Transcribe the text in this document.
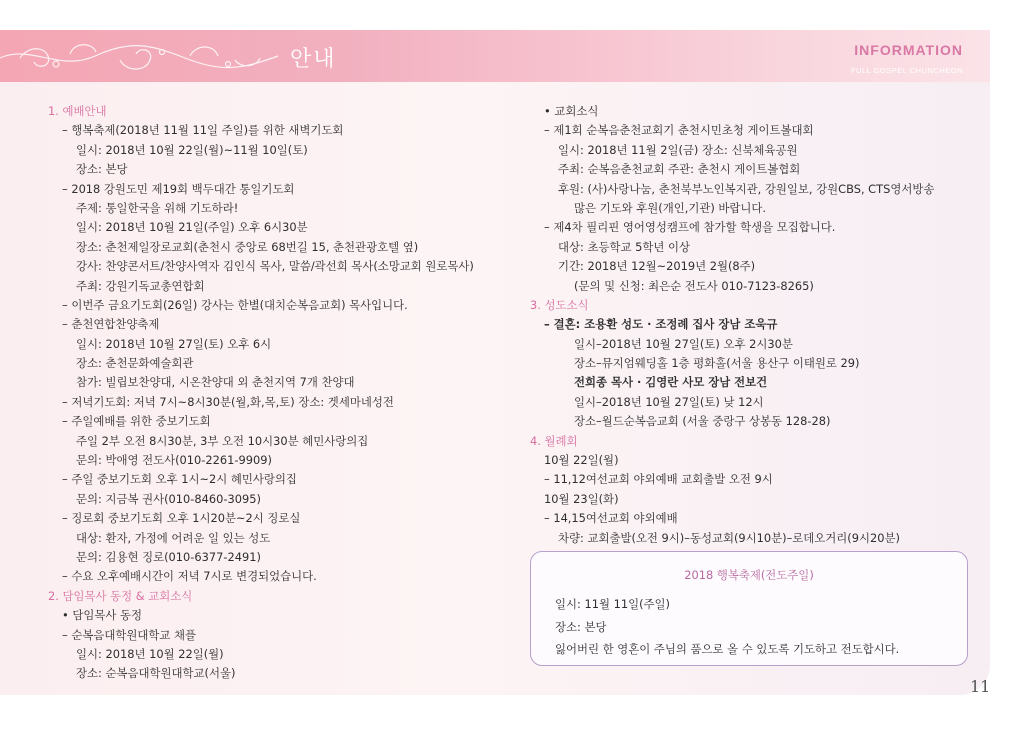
안내	INFORMATION
FULL GOSPEL CHUNCHEON
1. 예배안내
– 행복축제(2018년 11월 11일 주일)를 위한 새벽기도회
일시: 2018년 10월 22일(월)~11월 10일(토)
장소: 본당
– 2018 강원도민 제19회 백두대간 통일기도회
주제: 통일한국을 위해 기도하라!
일시: 2018년 10월 21일(주일) 오후 6시30분
장소: 춘천제일장로교회(춘천시 중앙로 68번길 15, 춘천관광호텔 옆)
강사: 찬양콘서트/찬양사역자 김인식 목사, 말씀/곽선희 목사(소망교회 원로목사)
주최: 강원기독교총연합회
– 이번주 금요기도회(26일) 강사는 한별(대치순복음교회) 목사입니다.
– 춘천연합찬양축제
일시: 2018년 10월 27일(토) 오후 6시
장소: 춘천문화예술회관
참가: 빌립보찬양대, 시온찬양대 외 춘천지역 7개 찬양대
– 저녁기도회: 저녁 7시~8시30분(월,화,목,토) 장소: 겟세마네성전
– 주일예배를 위한 중보기도회
주일 2부 오전 8시30분, 3부 오전 10시30분 혜민사랑의집
문의: 박애영 전도사(010-2261-9909)
– 주일 중보기도회 오후 1시~2시 혜민사랑의집
문의: 지금복 권사(010-8460-3095)
– 징로회 중보기도회 오후 1시20분~2시 징로실
대상: 환자, 가정에 어려운 일 있는 성도
문의: 김용현 징로(010-6377-2491)
– 수요 오후예배시간이 저녁 7시로 변경되었습니다.
2. 담임목사 동정 & 교회소식
• 담임목사 동정
– 순복음대학원대학교 채플
일시: 2018년 10월 22일(월)
장소: 순복음대학원대학교(서울)
• 교회소식
– 제1회 순복음춘천교회기 춘천시민초청 게이트볼대회
일시: 2018년 11월 2일(금) 장소: 신북체육공원
주최: 순복음춘천교회 주관: 춘천시 게이트볼협회
후원: (사)사랑나눔, 춘천북부노인복지관, 강원일보, 강원CBS, CTS영서방송
많은 기도와 후원(개인,기관) 바랍니다.
– 제4차 필리핀 영어영성캠프에 참가할 학생을 모집합니다.
대상: 초등학교 5학년 이상
기간: 2018년 12월~2019년 2월(8주)
(문의 및 신청: 최은순 전도사 010-7123-8265)
3. 성도소식
– 결혼: 조용환 성도 · 조정례 집사 장남 조욱규
일시–2018년 10월 27일(토) 오후 2시30분
장소–뮤지엄웨딩홀 1층 평화홀(서울 용산구 이태원로 29)
전희종 목사 · 김영란 사모 장남 전보건
일시–2018년 10월 27일(토) 낮 12시
장소–월드순복음교회 (서울 중랑구 상봉동 128-28)
4. 월례회
10월 22일(월)
– 11,12여선교회 야외예배 교회출발 오전 9시
10월 23일(화)
– 14,15여선교회 야외예배
차량: 교회출발(오전 9시)–동성교회(9시10분)–로데오거리(9시20분)
2018 행복축제(전도주일)
일시: 11월 11일(주일)
장소: 본당
잃어버린 한 영혼이 주님의 품으로 올 수 있도록 기도하고 전도합시다.
11
